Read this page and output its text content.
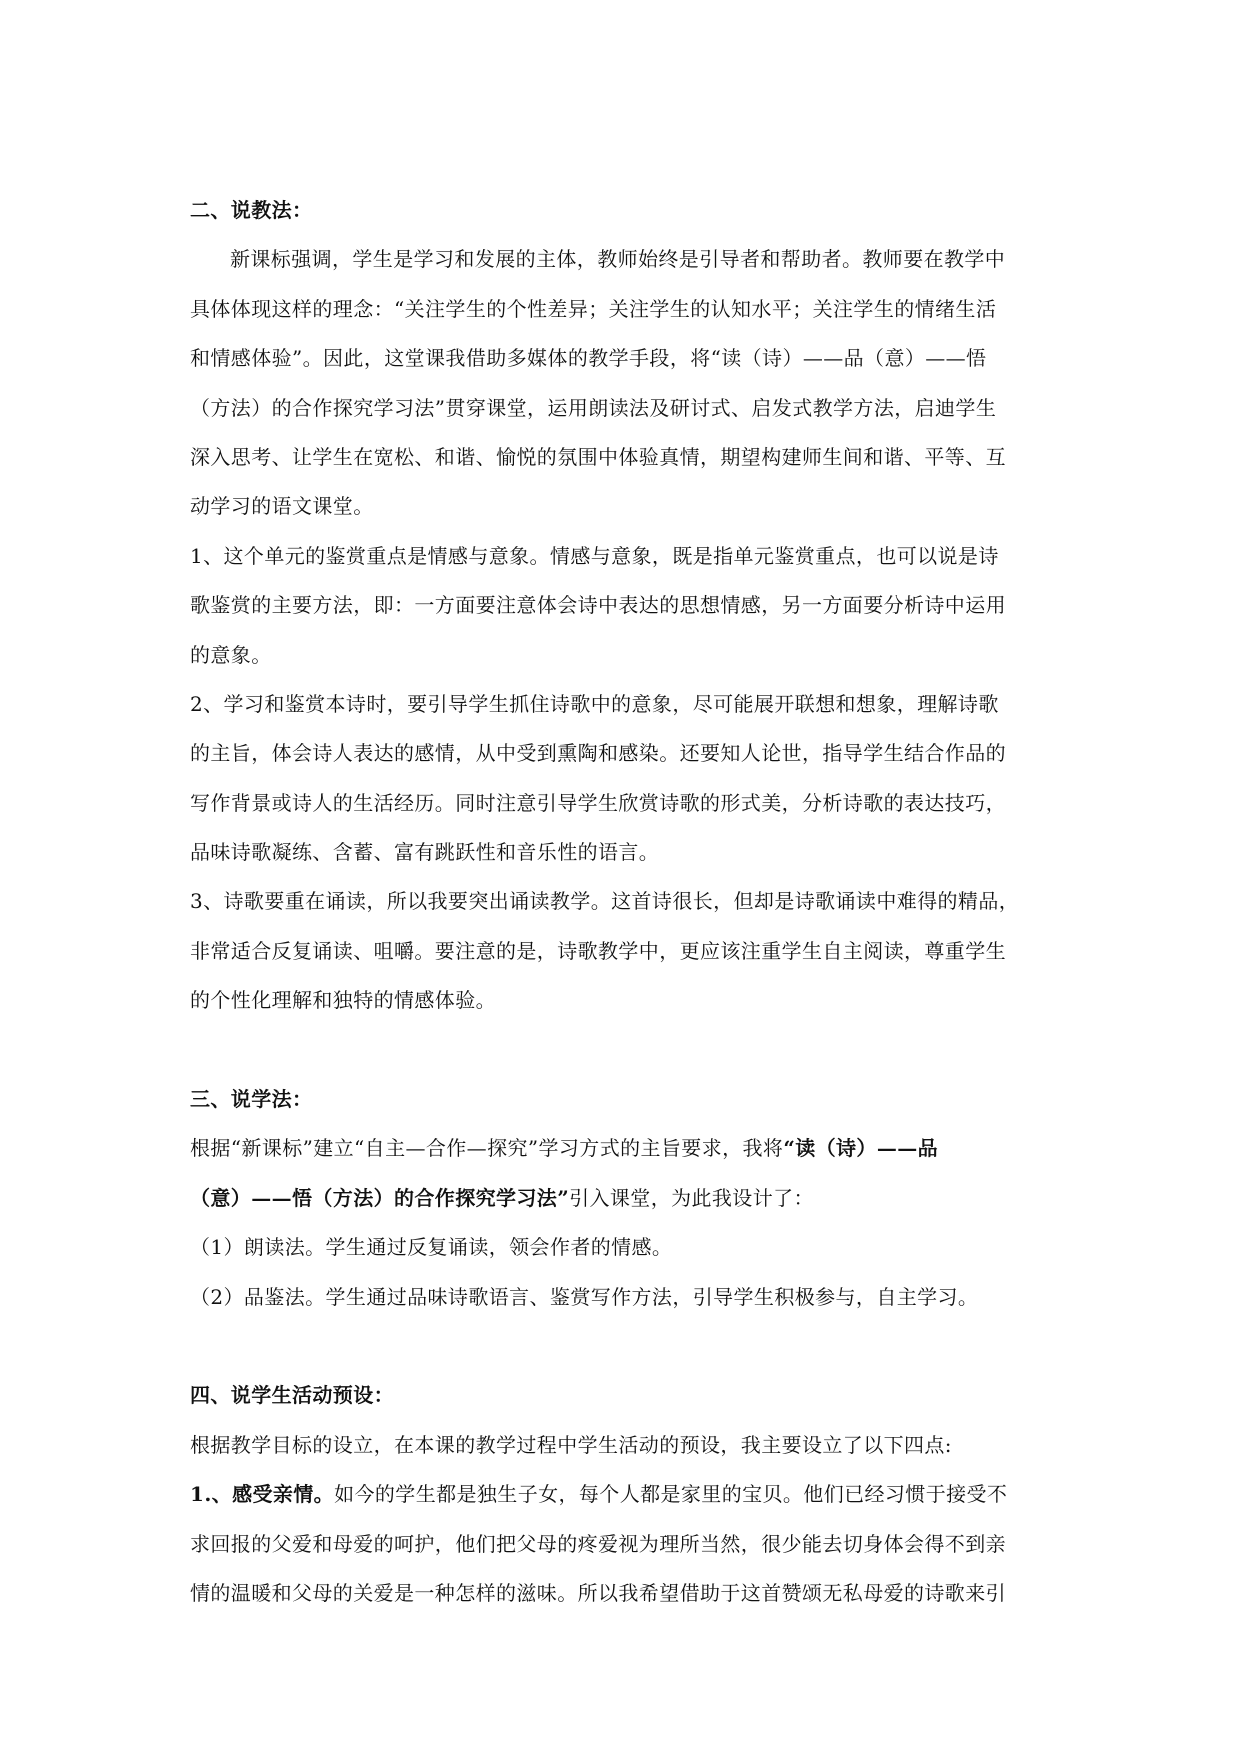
二、说教法：

新课标强调，学生是学习和发展的主体，教师始终是引导者和帮助者。教师要在教学中

具体体现这样的理念：“关注学生的个性差异；关注学生的认知水平；关注学生的情绪生活

和情感体验”。因此，这堂课我借助多媒体的教学手段，将“读（诗）——品（意）——悟

（方法）的合作探究学习法”贯穿课堂，运用朗读法及研讨式、启发式教学方法，启迪学生

深入思考、让学生在宽松、和谐、愉悦的氛围中体验真情，期望构建师生间和谐、平等、互

动学习的语文课堂。

1、这个单元的鉴赏重点是情感与意象。情感与意象，既是指单元鉴赏重点，也可以说是诗

歌鉴赏的主要方法，即：一方面要注意体会诗中表达的思想情感，另一方面要分析诗中运用

的意象。

2、学习和鉴赏本诗时，要引导学生抓住诗歌中的意象，尽可能展开联想和想象，理解诗歌

的主旨，体会诗人表达的感情，从中受到熏陶和感染。还要知人论世，指导学生结合作品的

写作背景或诗人的生活经历。同时注意引导学生欣赏诗歌的形式美，分析诗歌的表达技巧，

品味诗歌凝练、含蓄、富有跳跃性和音乐性的语言。

3、诗歌要重在诵读，所以我要突出诵读教学。这首诗很长，但却是诗歌诵读中难得的精品，

非常适合反复诵读、咀嚼。要注意的是，诗歌教学中，更应该注重学生自主阅读，尊重学生

的个性化理解和独特的情感体验。

三、说学法：

根据“新课标”建立“自主—合作—探究”学习方式的主旨要求，我将“读（诗）——品

（意）——悟（方法）的合作探究学习法”引入课堂，为此我设计了：

（1）朗读法。学生通过反复诵读，领会作者的情感。

（2）品鉴法。学生通过品味诗歌语言、鉴赏写作方法，引导学生积极参与，自主学习。

四、说学生活动预设：

根据教学目标的设立，在本课的教学过程中学生活动的预设，我主要设立了以下四点:

1.、感受亲情。如今的学生都是独生子女，每个人都是家里的宝贝。他们已经习惯于接受不

求回报的父爱和母爱的呵护，他们把父母的疼爱视为理所当然，很少能去切身体会得不到亲

情的温暖和父母的关爱是一种怎样的滋味。所以我希望借助于这首赞颂无私母爱的诗歌来引
